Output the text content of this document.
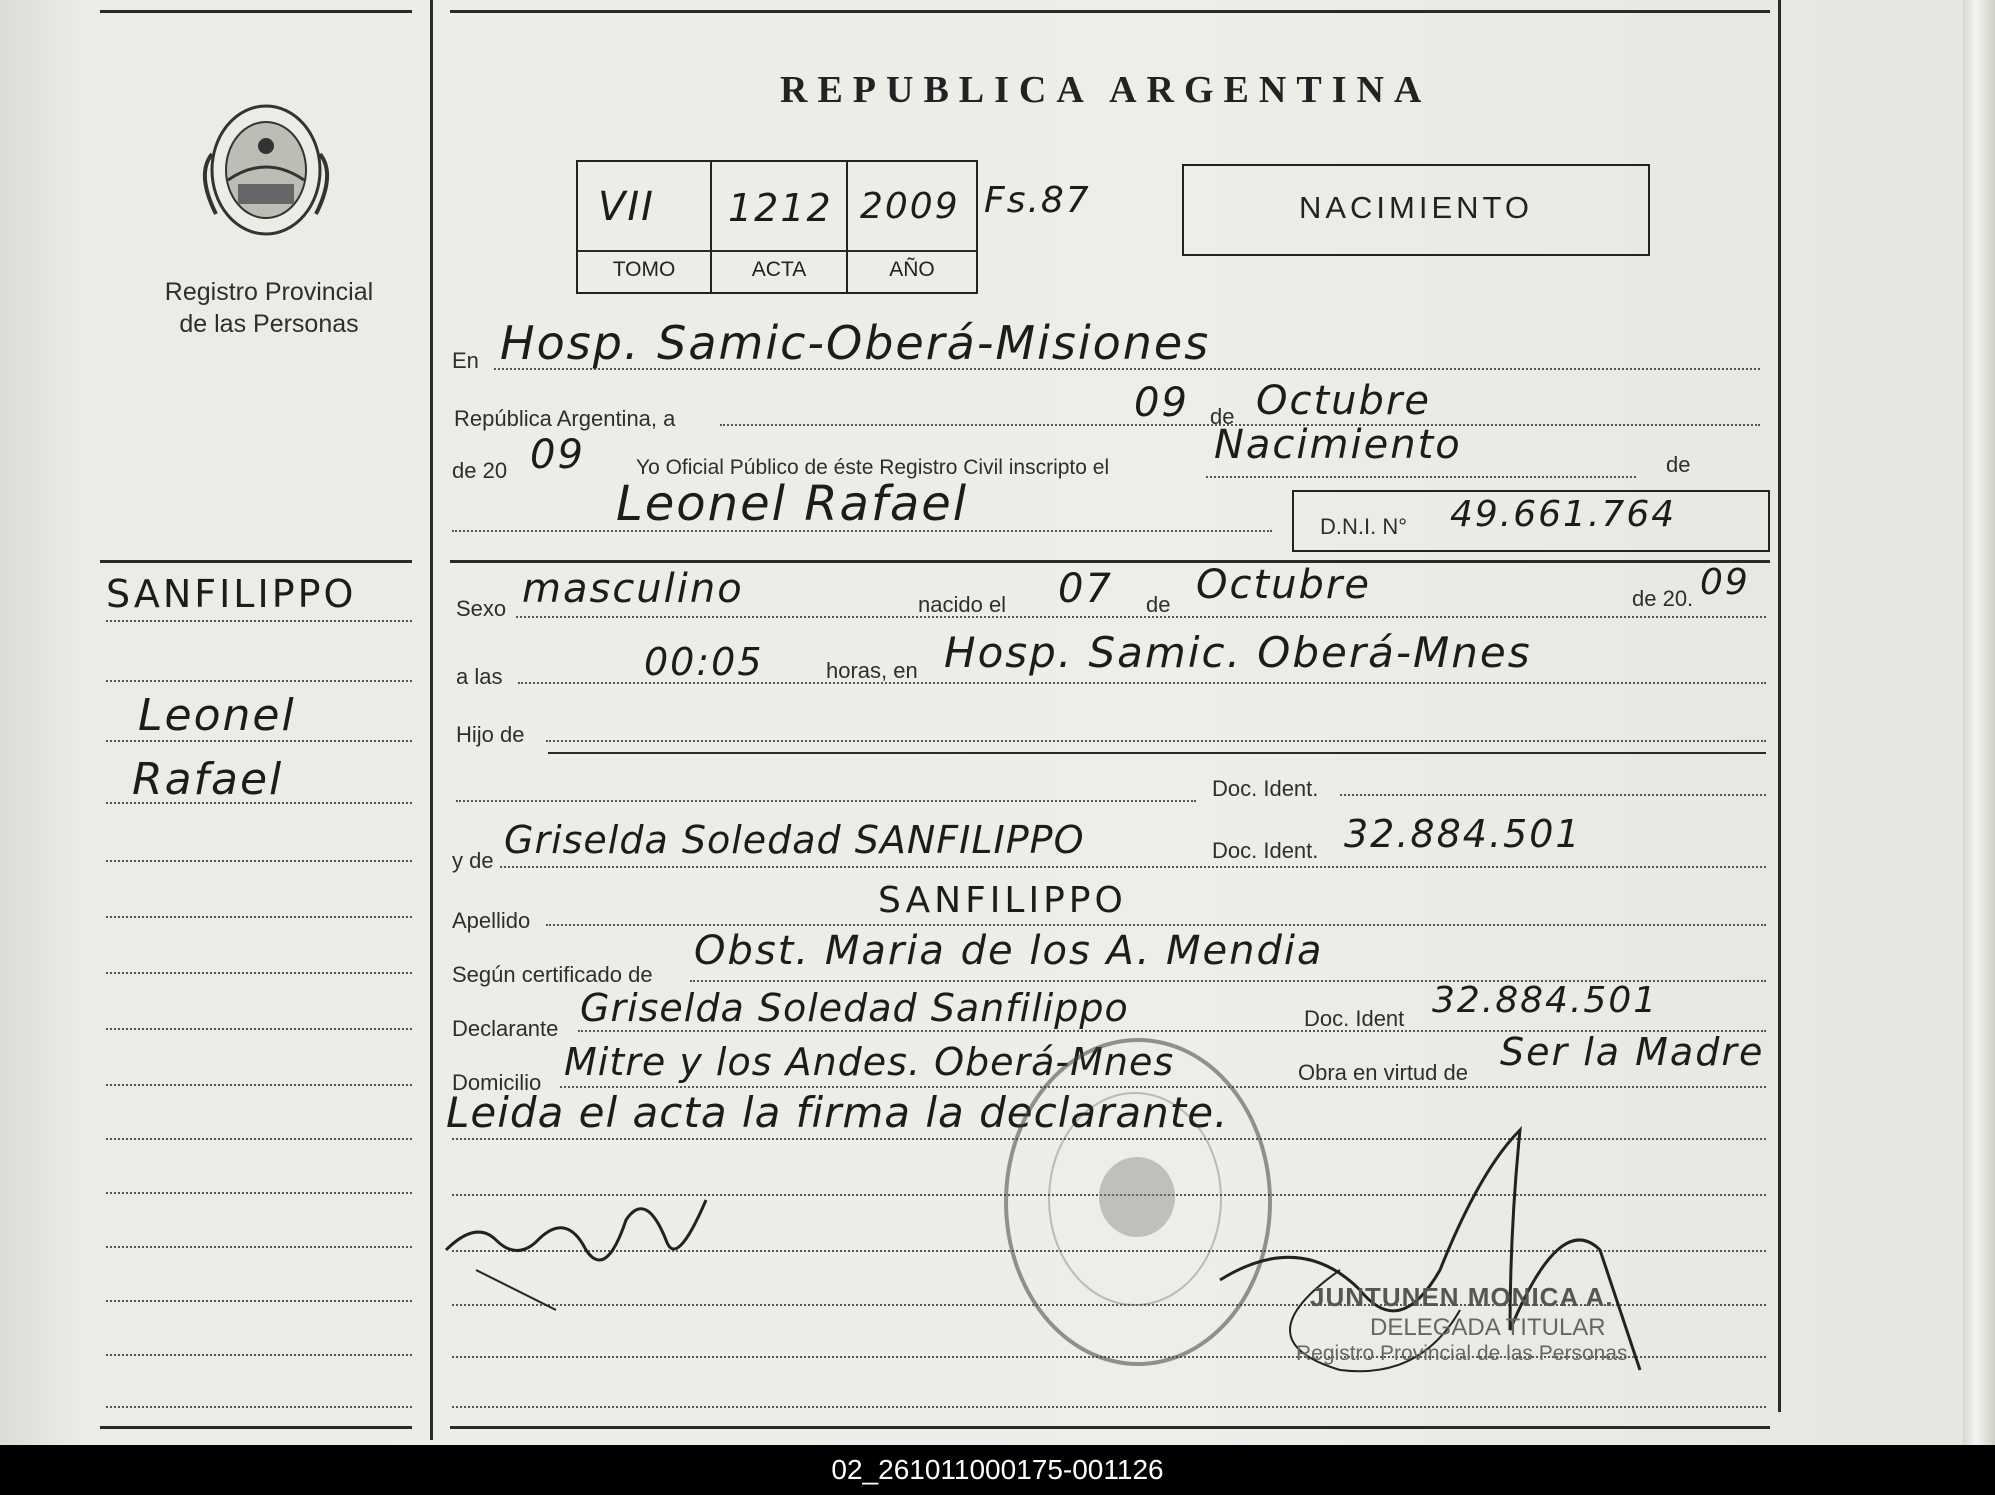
Registro Provincial
de las Personas
REPUBLICA ARGENTINA
VII 1212 2009
TOMO	ACTA	AÑO
Fs.87	NACIMIENTO
En Hosp. Samic-Oberá-Misiones
República Argentina, a	09 de Octubre
de 20 09 Yo Oficial Público de éste Registro Civil inscripto el	Nacimiento	de
Leonel Rafael	D.N.I. N° 49.661.764
SANFILIPPO
Leonel
Rafael
Sexo masculino	nacido el 07 de Octubre	de 20. 09
a las	00:05	horas, en Hosp. Samic. Oberá-Mnes
Hijo de
Doc. Ident.
y de Griselda Soledad SANFILIPPO	Doc. Ident. 32.884.501
Apellido	SANFILIPPO
Según certificado de
Obst. Maria de los A. Mendia
Declarante Griselda Soledad Sanfilippo	Doc. Ident 32.884.501
Domicilio Mitre y los Andes. Oberá-Mnes	Obra en virtud de Ser la Madre
Leida el acta la firma la declarante.
JUNTUNEN MONICA A.
DELEGADA TITULAR
Registro Provincial de las Personas
02_261011000175-001126
